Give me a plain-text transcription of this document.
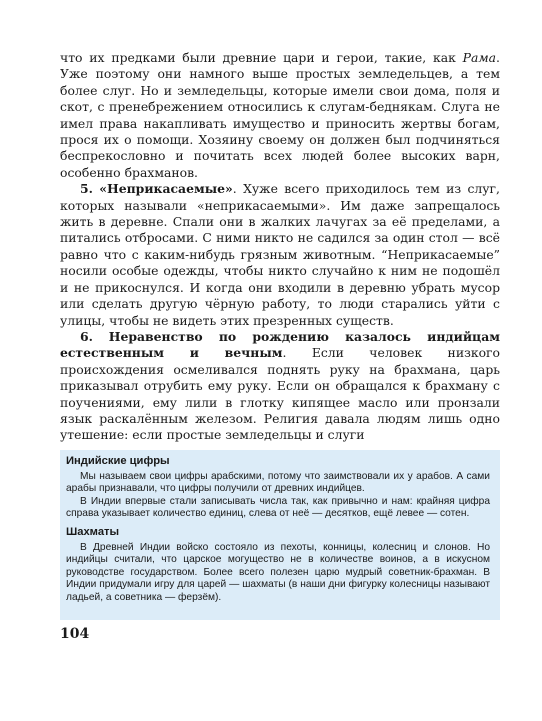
что их предками были древние цари и герои, такие, как Рама. Уже поэтому они намного выше простых земледельцев, а тем более слуг. Но и земледельцы, которые имели свои дома, поля и скот, с пренебрежением относились к слугам-беднякам. Слуга не имел права накапливать имущество и приносить жертвы богам, прося их о помощи. Хозяину своему он должен был подчиняться беспрекословно и почитать всех людей более высоких варн, особенно брахманов.

5. «Неприкасаемые». Хуже всего приходилось тем из слуг, которых называли «неприкасаемыми». Им даже запрещалось жить в деревне. Спали они в жалких лачугах за её пределами, а питались отбросами. С ними никто не садился за один стол — всё равно что с каким-нибудь грязным животным. “Неприкасаемые” носили особые одежды, чтобы никто случайно к ним не подошёл и не прикоснулся. И когда они входили в деревню убрать мусор или сделать другую чёрную работу, то люди старались уйти с улицы, чтобы не видеть этих презренных существ.

6. Неравенство по рождению казалось индийцам естественным и вечным. Если человек низкого происхождения осмеливался поднять руку на брахмана, царь приказывал отрубить ему руку. Если он обращался к брахману с поучениями, ему лили в глотку кипящее масло или пронзали язык раскалённым железом. Религия давала людям лишь одно утешение: если простые земледельцы и слуги

Индийские цифры

Мы называем свои цифры арабскими, потому что заимствовали их у арабов. А сами арабы признавали, что цифры получили от древних индийцев.

В Индии впервые стали записывать числа так, как привычно и нам: крайняя цифра справа указывает количество единиц, слева от неё — десятков, ещё левее — сотен.

Шахматы

В Древней Индии войско состояло из пехоты, конницы, колесниц и слонов. Но индийцы считали, что царское могущество не в количестве воинов, а в искусном руководстве государством. Более всего полезен царю мудрый советник-брахман. В Индии придумали игру для царей — шахматы (в наши дни фигурку колесницы называют ладьей, а советника — ферзём).

104
